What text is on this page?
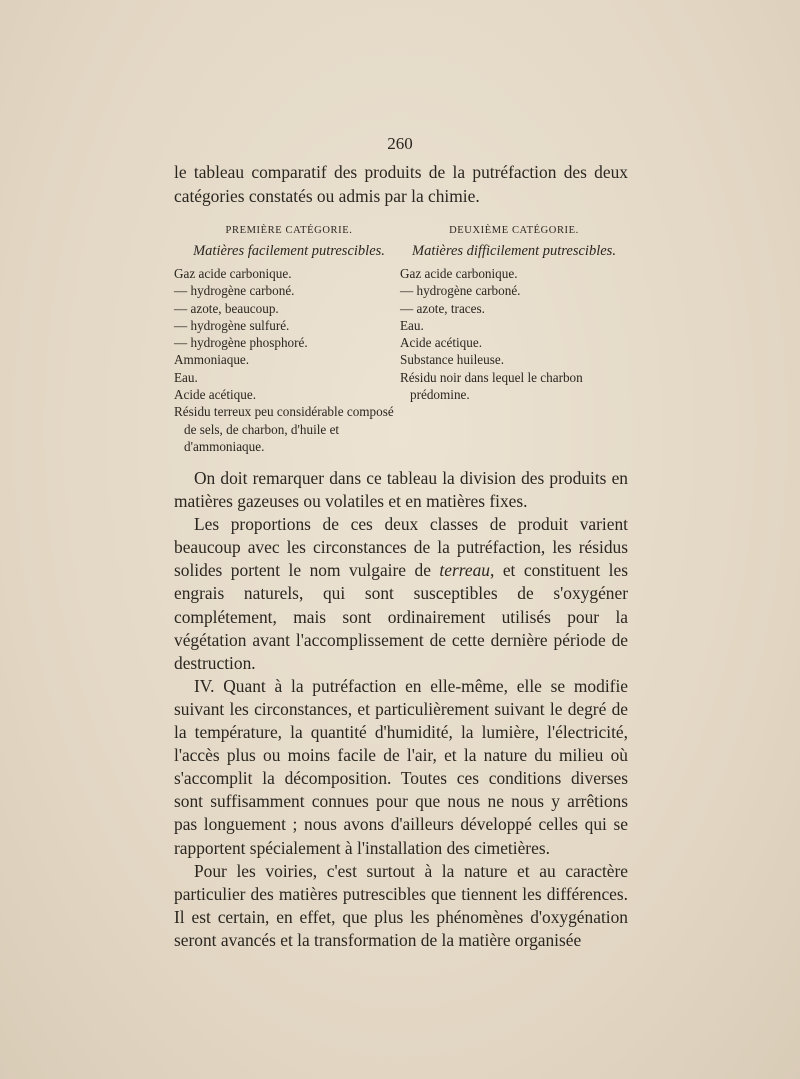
260

le tableau comparatif des produits de la putréfaction des deux catégories constatés ou admis par la chimie.

PREMIÈRE CATÉGORIE.
Matières facilement putrescibles.
Gaz acide carbonique.
— hydrogène carboné.
— azote, beaucoup.
— hydrogène sulfuré.
— hydrogène phosphoré.
Ammoniaque.
Eau.
Acide acétique.
Résidu terreux peu considérable composé de sels, de charbon, d'huile et d'ammoniaque.
DEUXIÈME CATÉGORIE.
Matières difficilement putrescibles.
Gaz acide carbonique.
— hydrogène carboné.
— azote, traces.
Eau.
Acide acétique.
Substance huileuse.
Résidu noir dans lequel le charbon prédomine.

On doit remarquer dans ce tableau la division des produits en matières gazeuses ou volatiles et en matières fixes.

Les proportions de ces deux classes de produit varient beaucoup avec les circonstances de la putréfaction, les résidus solides portent le nom vulgaire de terreau, et constituent les engrais naturels, qui sont susceptibles de s'oxygéner complétement, mais sont ordinairement utilisés pour la végétation avant l'accomplissement de cette dernière période de destruction.

IV. Quant à la putréfaction en elle-même, elle se modifie suivant les circonstances, et particulièrement suivant le degré de la température, la quantité d'humidité, la lumière, l'électricité, l'accès plus ou moins facile de l'air, et la nature du milieu où s'accomplit la décomposition. Toutes ces conditions diverses sont suffisamment connues pour que nous ne nous y arrêtions pas longuement ; nous avons d'ailleurs développé celles qui se rapportent spécialement à l'installation des cimetières.

Pour les voiries, c'est surtout à la nature et au caractère particulier des matières putrescibles que tiennent les différences. Il est certain, en effet, que plus les phénomènes d'oxygénation seront avancés et la transformation de la matière organisée
